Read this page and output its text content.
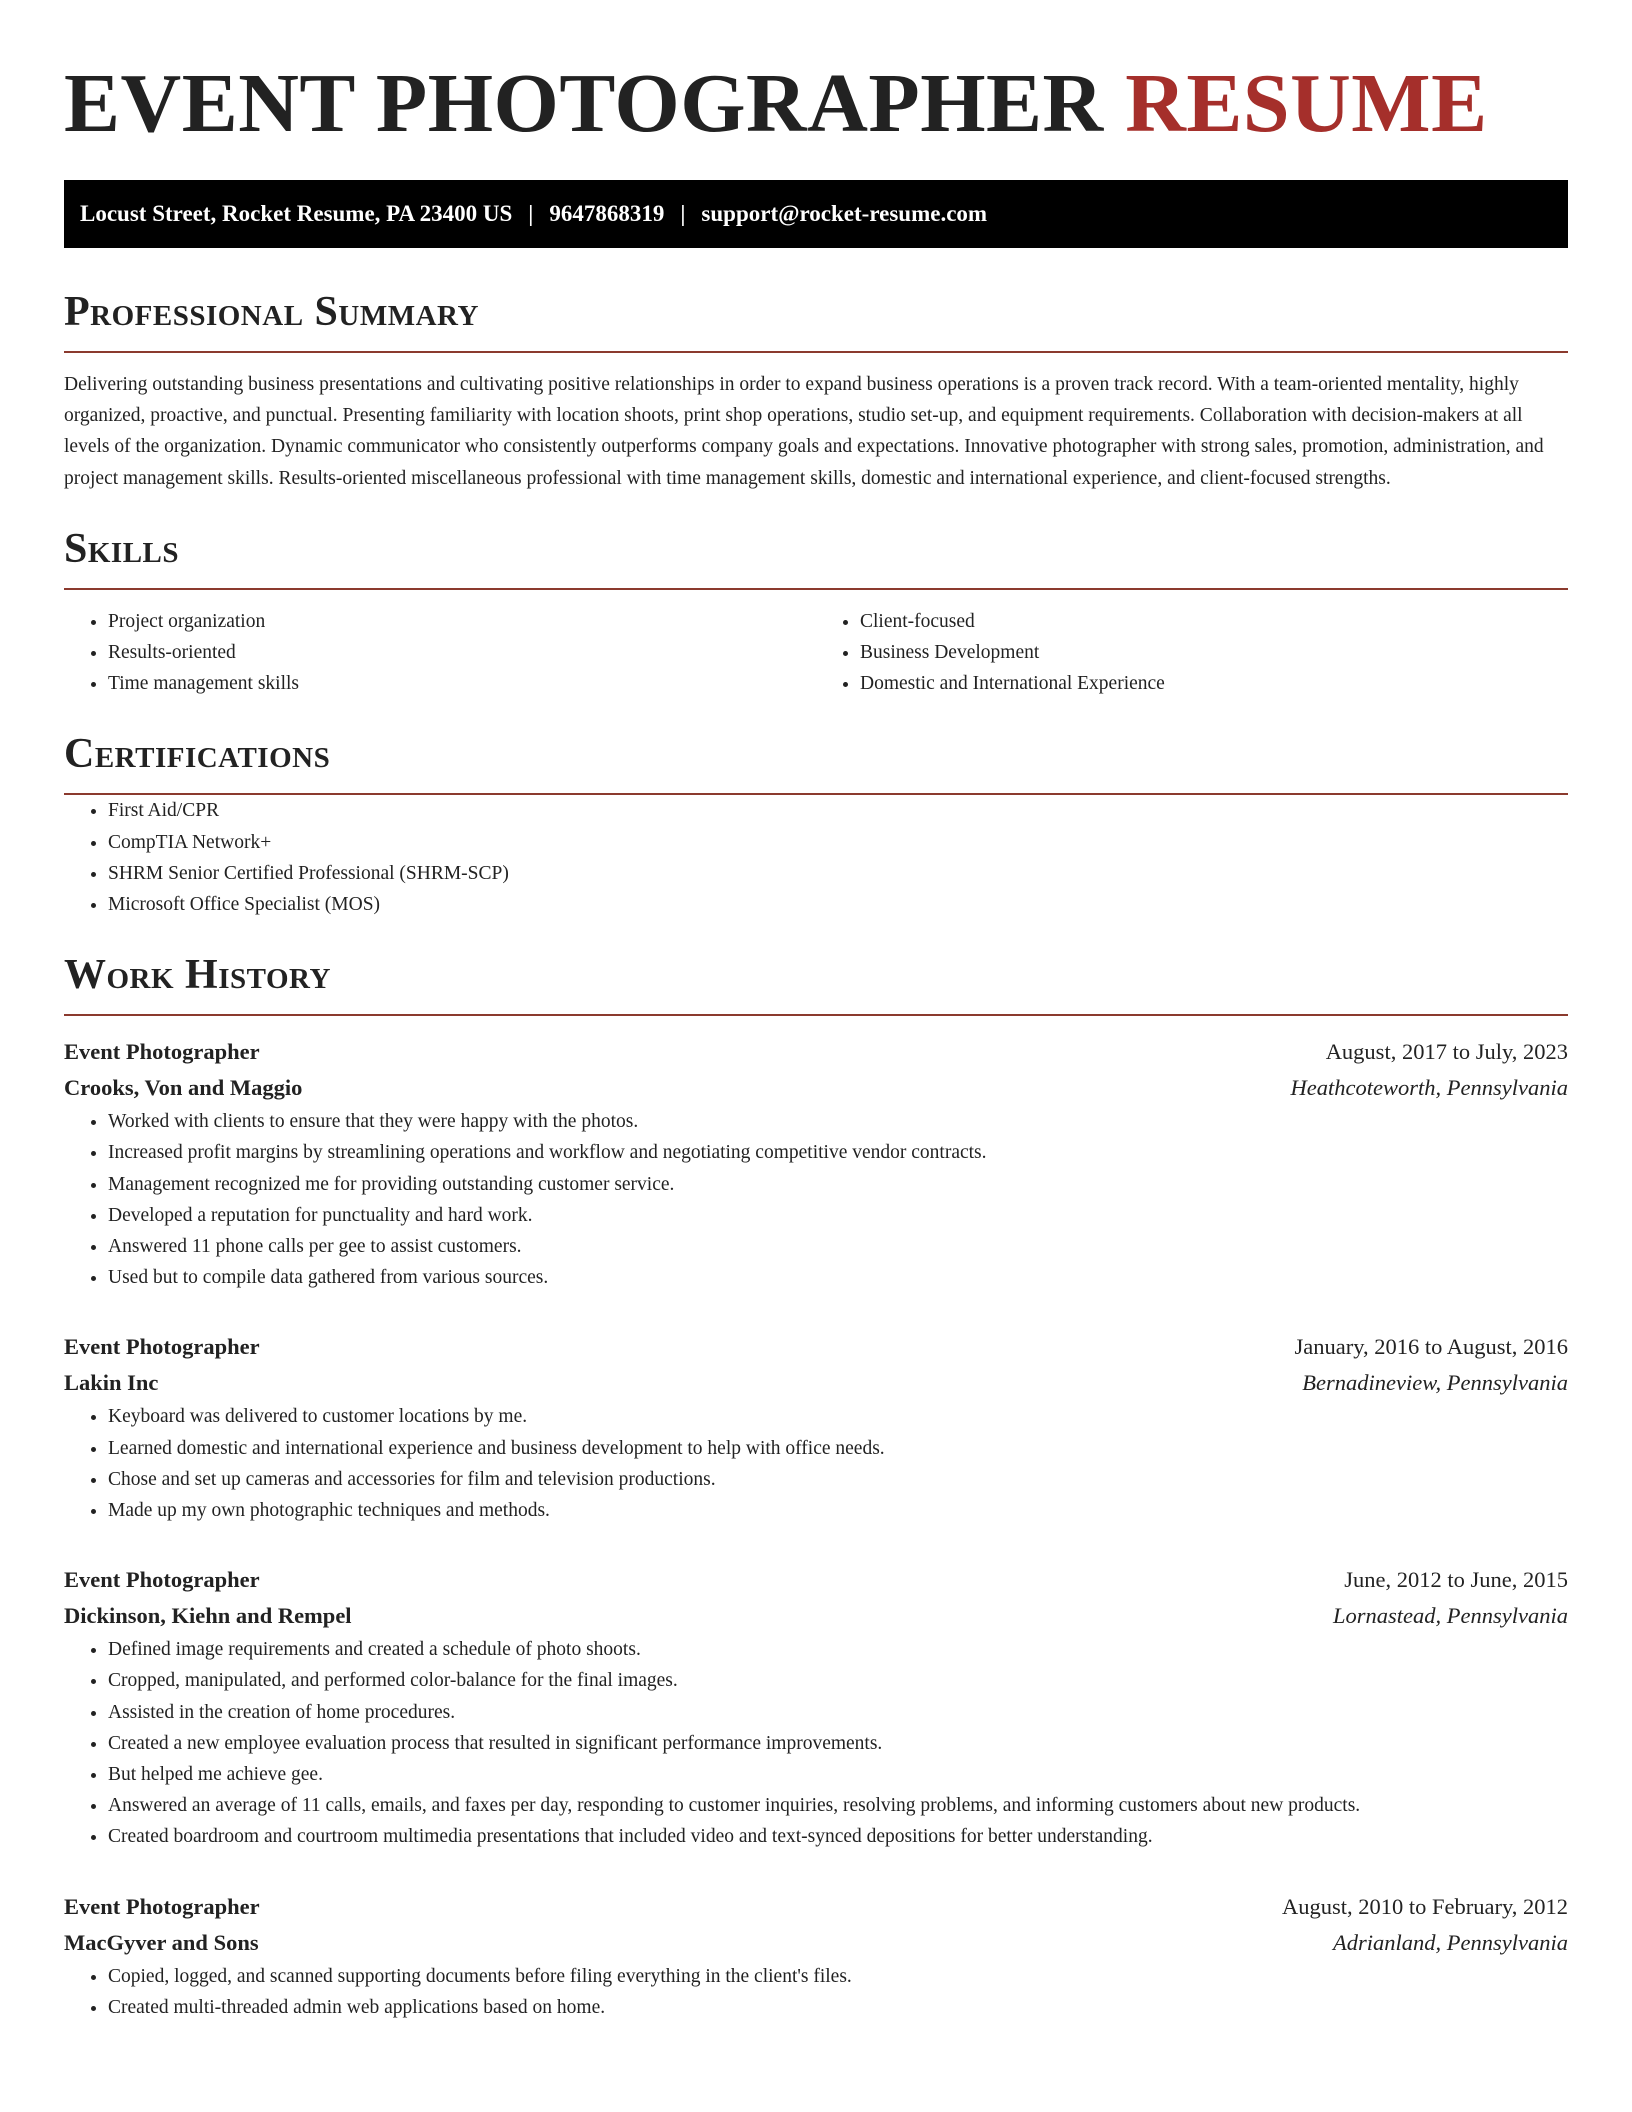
EVENT PHOTOGRAPHER RESUME
Locust Street, Rocket Resume, PA 23400 US | 9647868319 | support@rocket-resume.com
Professional Summary

Delivering outstanding business presentations and cultivating positive relationships in order to expand business operations is a proven track record. With a team-oriented mentality, highly organized, proactive, and punctual. Presenting familiarity with location shoots, print shop operations, studio set-up, and equipment requirements. Collaboration with decision-makers at all levels of the organization. Dynamic communicator who consistently outperforms company goals and expectations. Innovative photographer with strong sales, promotion, administration, and project management skills. Results-oriented miscellaneous professional with time management skills, domestic and international experience, and client-focused strengths.

Skills
• Project organization
• Results-oriented
• Time management skills
• Client-focused
• Business Development
• Domestic and International Experience
Certifications
• First Aid/CPR
• CompTIA Network+
• SHRM Senior Certified Professional (SHRM-SCP)
• Microsoft Office Specialist (MOS)
Work History
Event Photographer	August, 2017 to July, 2023
Crooks, Von and Maggio	Heathcoteworth, Pennsylvania
• Worked with clients to ensure that they were happy with the photos.
• Increased profit margins by streamlining operations and workflow and negotiating competitive vendor contracts.
• Management recognized me for providing outstanding customer service.
• Developed a reputation for punctuality and hard work.
• Answered 11 phone calls per gee to assist customers.
• Used but to compile data gathered from various sources.
Event Photographer	January, 2016 to August, 2016
Lakin Inc	Bernadineview, Pennsylvania
• Keyboard was delivered to customer locations by me.
• Learned domestic and international experience and business development to help with office needs.
• Chose and set up cameras and accessories for film and television productions.
• Made up my own photographic techniques and methods.
Event Photographer	June, 2012 to June, 2015
Dickinson, Kiehn and Rempel	Lornastead, Pennsylvania
• Defined image requirements and created a schedule of photo shoots.
• Cropped, manipulated, and performed color-balance for the final images.
• Assisted in the creation of home procedures.
• Created a new employee evaluation process that resulted in significant performance improvements.
• But helped me achieve gee.
• Answered an average of 11 calls, emails, and faxes per day, responding to customer inquiries, resolving problems, and informing customers about new products.
• Created boardroom and courtroom multimedia presentations that included video and text-synced depositions for better understanding.
Event Photographer	August, 2010 to February, 2012
MacGyver and Sons	Adrianland, Pennsylvania
• Copied, logged, and scanned supporting documents before filing everything in the client's files.
• Created multi-threaded admin web applications based on home.
